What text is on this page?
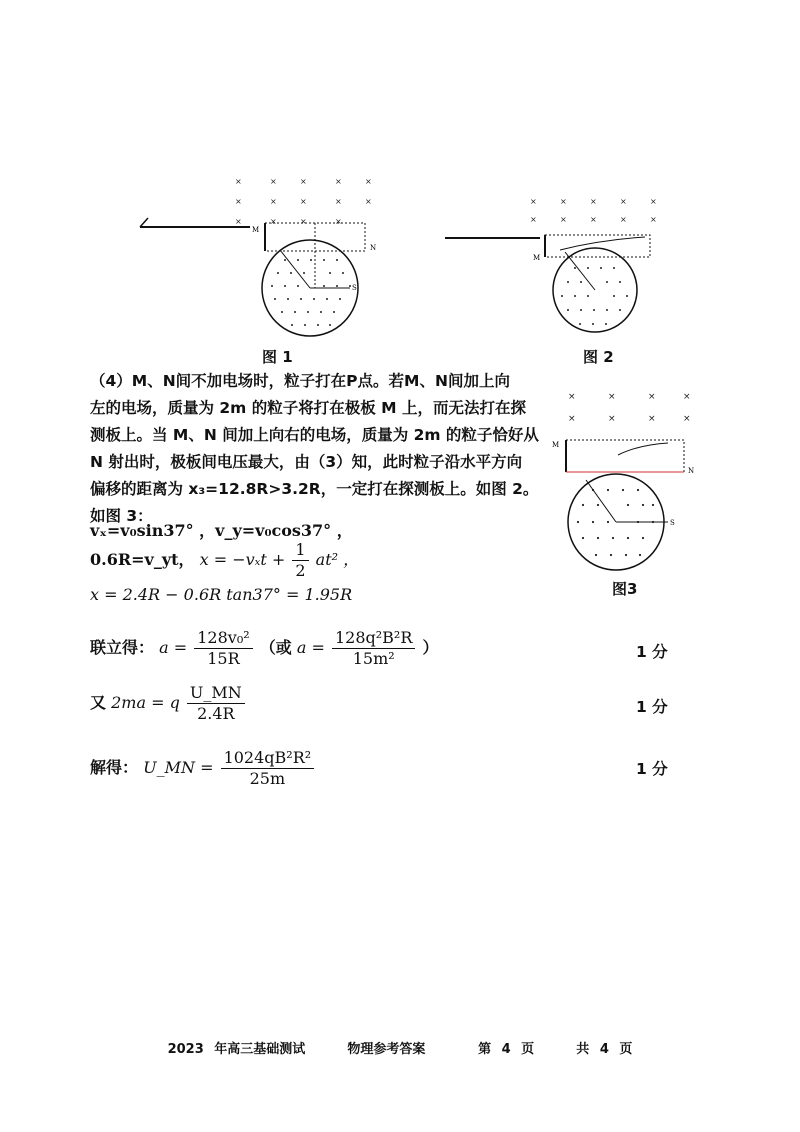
×	×	×	×	×
×	×	×	×	×
×	×	×	×
M
N
S
图 1
×	×	×	×	×
×	×	×	×	×
M
图 2
×	×	×	×
×	×	×	×
M
N
S
图3
（4）M、N间不加电场时，粒子打在P点。若M、N间加上向
左的电场，质量为 2m 的粒子将打在极板 M 上，而无法打在探
测板上。当 M、N 间加上向右的电场，质量为 2m 的粒子恰好从
N 射出时，极板间电压最大，由（3）知，此时粒子沿水平方向
偏移的距离为 x₃=12.8R>3.2R，一定打在探测板上。如图 2。
如图 3：
vₓ=v₀sin37° ，v_y=v₀cos37° ，
0.6R=v_yt， $x = -v_xt + \frac{1}{2} at^2$ ，
x = 2.4R − 0.6R tan37° = 1.95R
联立得： $a = \frac{\text{128v₀²}}{15R}$ （或 $a = \frac{\text{128q²B²R}}{\text{15m²}}$ ）	1 分
又 2ma = q $\frac{U\_MN}{2.4R}$	1 分
解得： U_MN = $\frac{\text{1024qB²R²}}{25m}$	1 分
2023 年高三基础测试	物理参考答案	第 4 页	共 4 页
